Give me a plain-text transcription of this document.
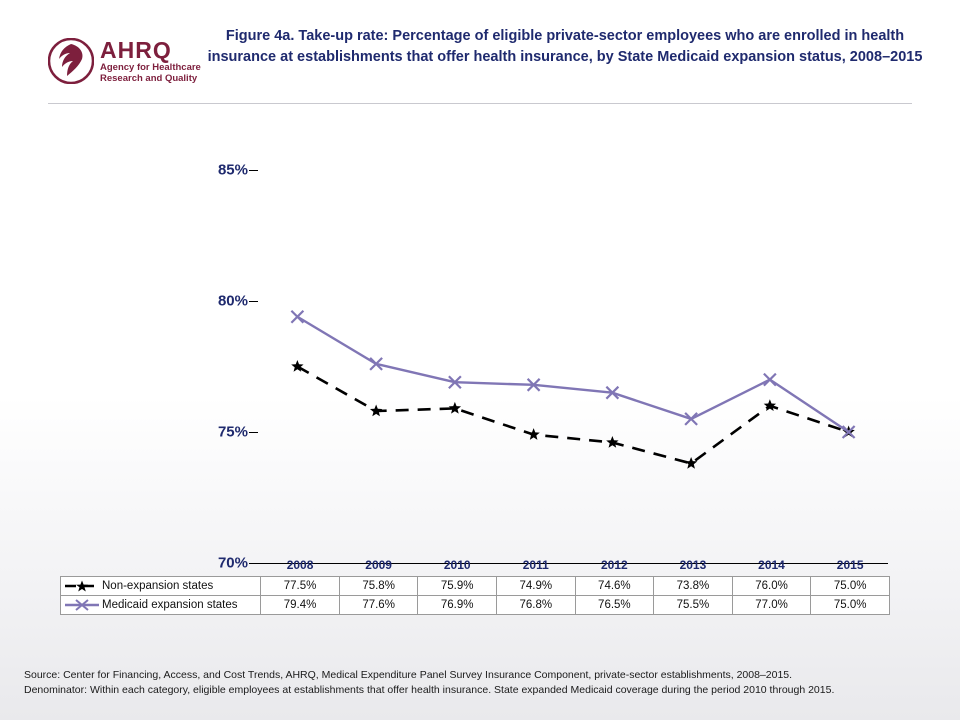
AHRQ
Agency for Healthcare
Research and Quality
Figure 4a. Take-up rate: Percentage of eligible private-sector employees who are enrolled in health insurance at establishments that offer health insurance, by State Medicaid expansion status, 2008–2015
70%
75%
80%
85%
	2008	2009	2010	2011	2012	2013	2014	2015
Non-expansion states	77.5%	75.8%	75.9%	74.9%	74.6%	73.8%	76.0%	75.0%
Medicaid expansion states	79.4%	77.6%	76.9%	76.8%	76.5%	75.5%	77.0%	75.0%
Source: Center for Financing, Access, and Cost Trends, AHRQ, Medical Expenditure Panel Survey Insurance Component, private-sector establishments, 2008–2015.
Denominator: Within each category, eligible employees at establishments that offer health insurance. State expanded Medicaid coverage during the period 2010 through 2015.
